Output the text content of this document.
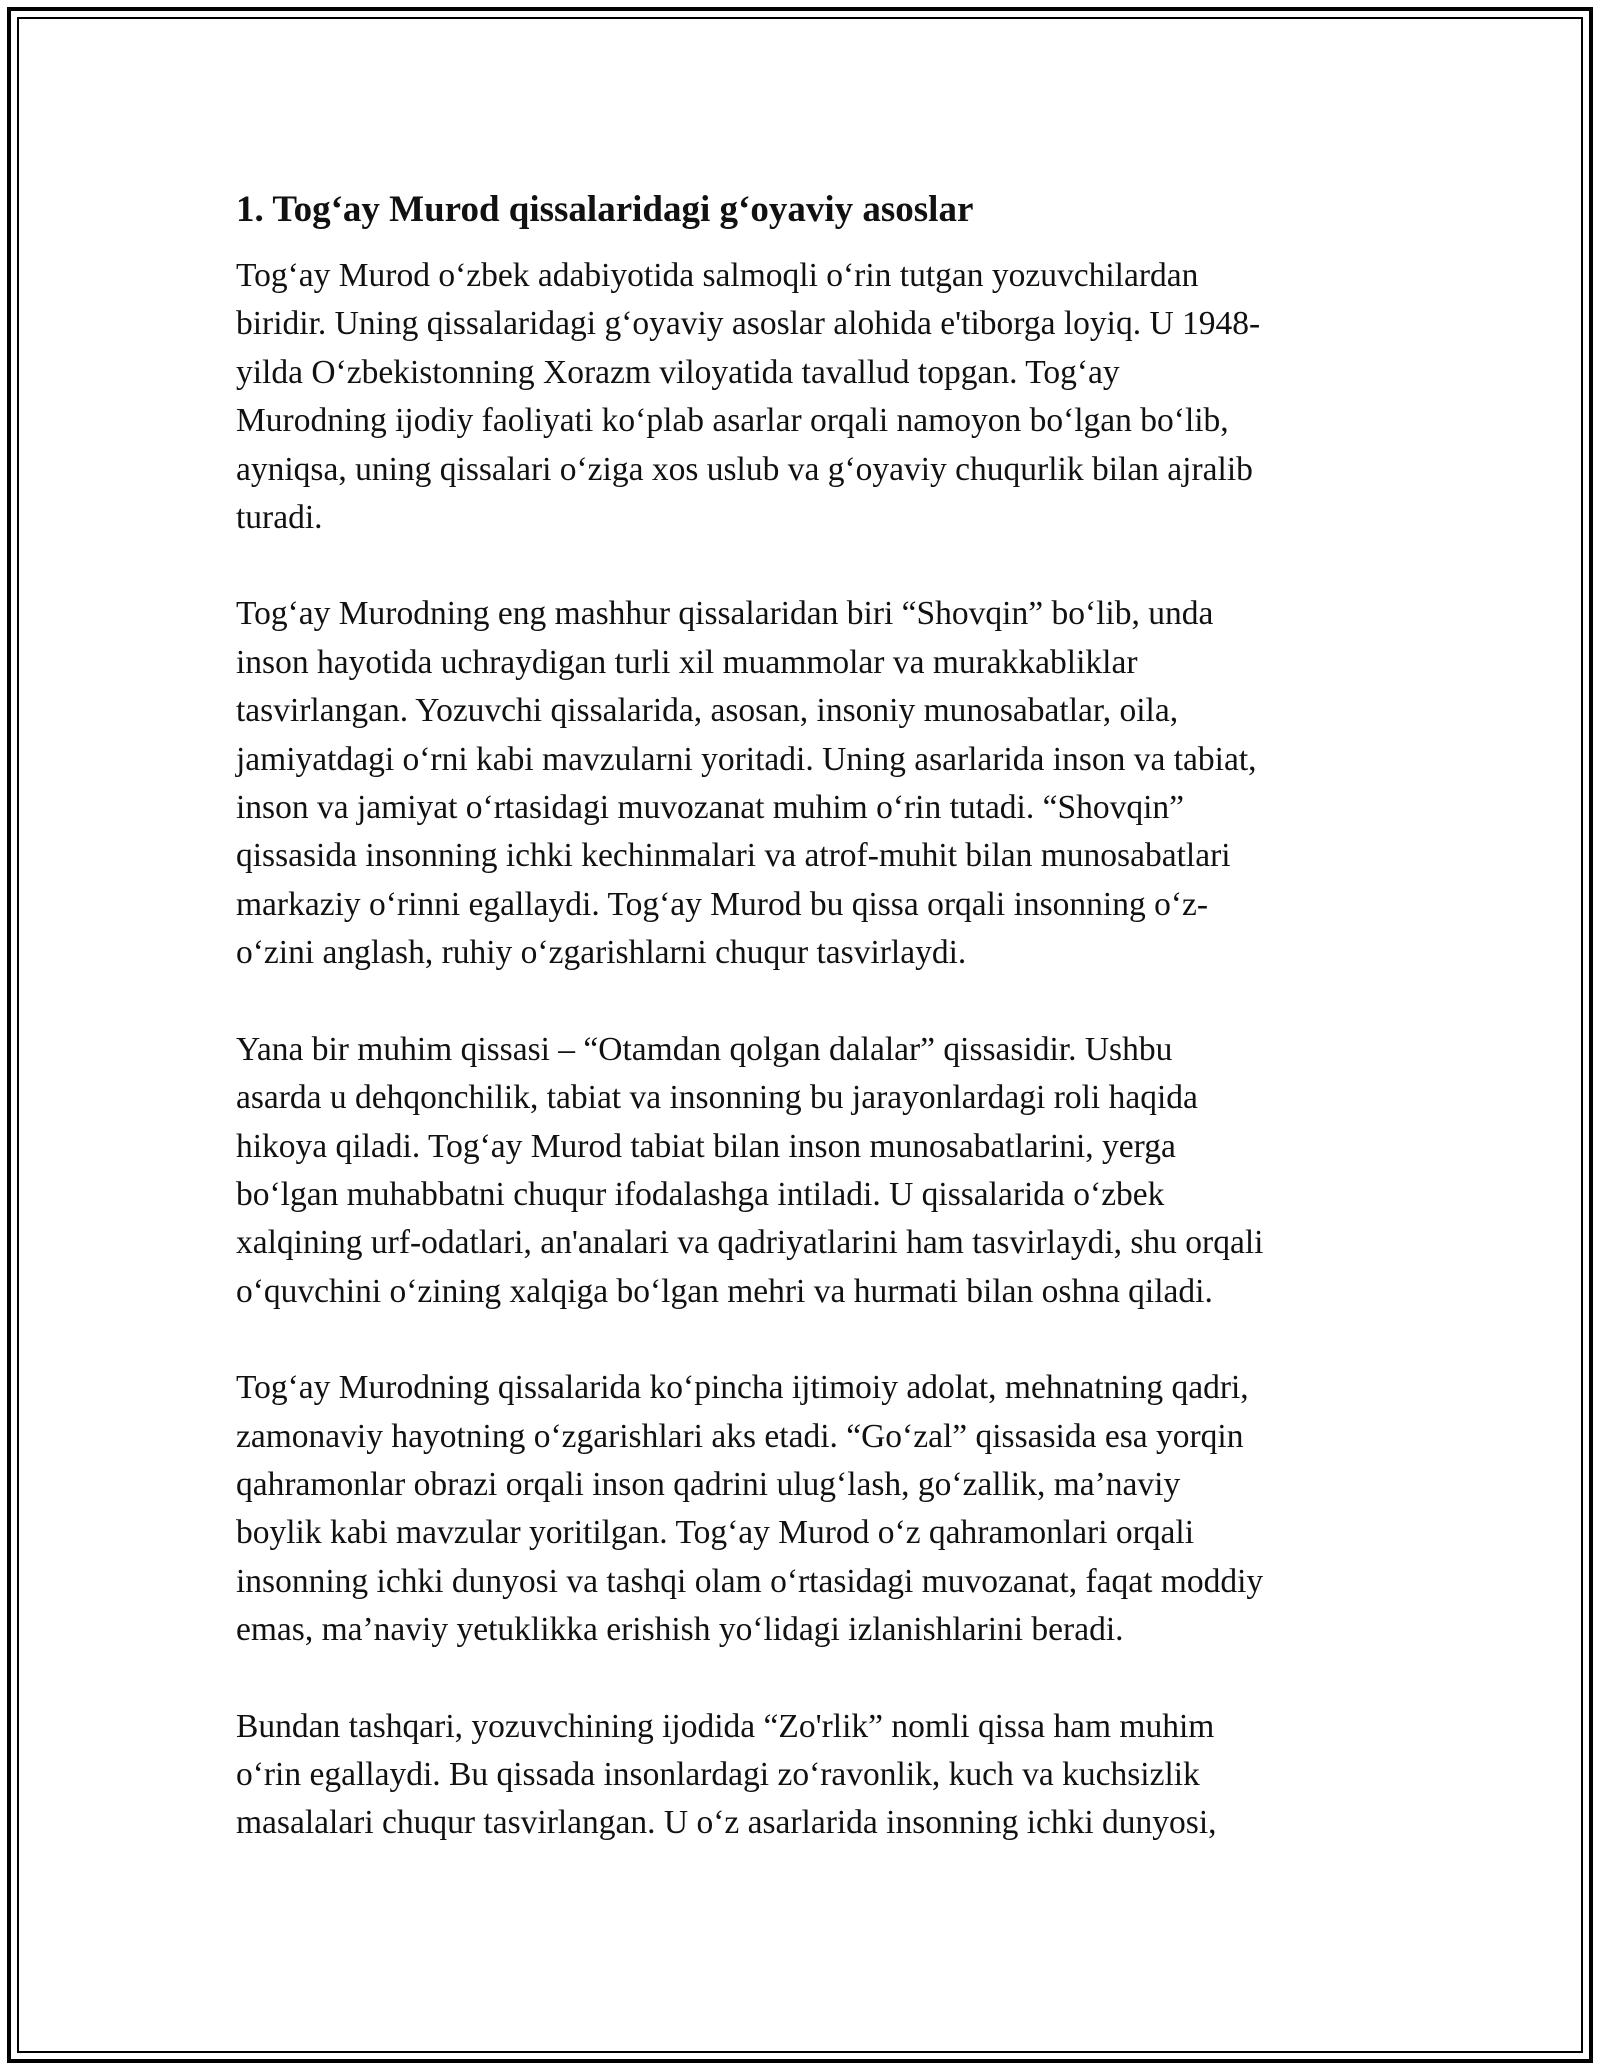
1. Tog‘ay Murod qissalaridagi g‘oyaviy asoslar

Tog‘ay Murod o‘zbek adabiyotida salmoqli o‘rin tutgan yozuvchilardan
biridir. Uning qissalaridagi g‘oyaviy asoslar alohida e'tiborga loyiq. U 1948-
yilda O‘zbekistonning Xorazm viloyatida tavallud topgan. Tog‘ay
Murodning ijodiy faoliyati ko‘plab asarlar orqali namoyon bo‘lgan bo‘lib,
ayniqsa, uning qissalari o‘ziga xos uslub va g‘oyaviy chuqurlik bilan ajralib
turadi.

Tog‘ay Murodning eng mashhur qissalaridan biri “Shovqin” bo‘lib, unda
inson hayotida uchraydigan turli xil muammolar va murakkabliklar
tasvirlangan. Yozuvchi qissalarida, asosan, insoniy munosabatlar, oila,
jamiyatdagi o‘rni kabi mavzularni yoritadi. Uning asarlarida inson va tabiat,
inson va jamiyat o‘rtasidagi muvozanat muhim o‘rin tutadi. “Shovqin”
qissasida insonning ichki kechinmalari va atrof-muhit bilan munosabatlari
markaziy o‘rinni egallaydi. Tog‘ay Murod bu qissa orqali insonning o‘z-
o‘zini anglash, ruhiy o‘zgarishlarni chuqur tasvirlaydi.

Yana bir muhim qissasi – “Otamdan qolgan dalalar” qissasidir. Ushbu
asarda u dehqonchilik, tabiat va insonning bu jarayonlardagi roli haqida
hikoya qiladi. Tog‘ay Murod tabiat bilan inson munosabatlarini, yerga
bo‘lgan muhabbatni chuqur ifodalashga intiladi. U qissalarida o‘zbek
xalqining urf-odatlari, an'analari va qadriyatlarini ham tasvirlaydi, shu orqali
o‘quvchini o‘zining xalqiga bo‘lgan mehri va hurmati bilan oshna qiladi.

Tog‘ay Murodning qissalarida ko‘pincha ijtimoiy adolat, mehnatning qadri,
zamonaviy hayotning o‘zgarishlari aks etadi. “Go‘zal” qissasida esa yorqin
qahramonlar obrazi orqali inson qadrini ulug‘lash, go‘zallik, ma’naviy
boylik kabi mavzular yoritilgan. Tog‘ay Murod o‘z qahramonlari orqali
insonning ichki dunyosi va tashqi olam o‘rtasidagi muvozanat, faqat moddiy
emas, ma’naviy yetuklikka erishish yo‘lidagi izlanishlarini beradi.

Bundan tashqari, yozuvchining ijodida “Zo'rlik” nomli qissa ham muhim
o‘rin egallaydi. Bu qissada insonlardagi zo‘ravonlik, kuch va kuchsizlik
masalalari chuqur tasvirlangan. U o‘z asarlarida insonning ichki dunyosi,
